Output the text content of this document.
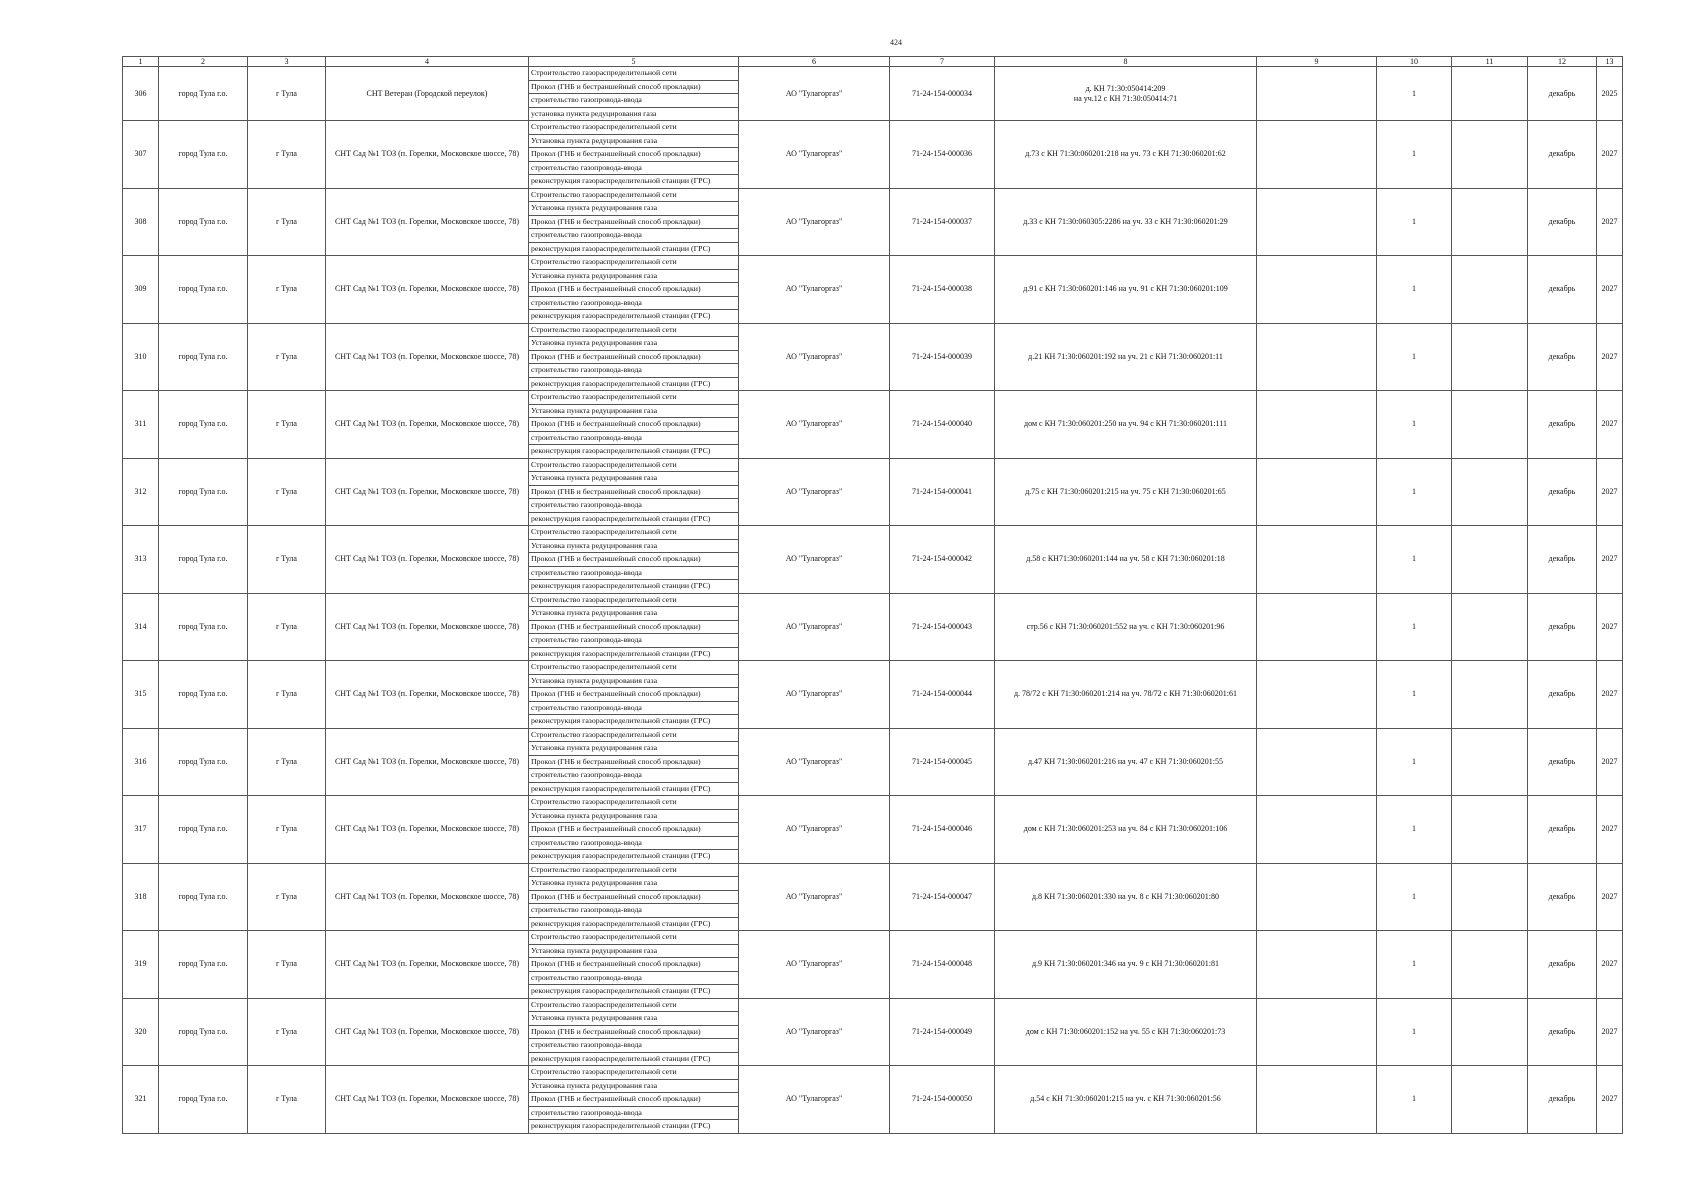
424
1	2	3	4	5	6	7	8	9	10	11	12	13
306	город Тула г.о.	г Тула	СНТ Ветеран (Городской переулок)	Строительство газораспределительной сети	АО "Тулагоргаз"	71-24-154-000034	д. КН 71:30:050414:209
на уч.12 с КН 71:30:050414:71		1		декабрь	2025
				Прокол (ГНБ и бестраншейный способ прокладки)								
				строительство газопровода-ввода								
				установка пункта редуцирования газа								
307	город Тула г.о.	г Тула	СНТ Сад №1 ТОЗ (п. Горелки, Московское шоссе, 78)	Строительство газораспределительной сети	АО "Тулагоргаз"	71-24-154-000036	д.73 с КН 71:30:060201:218 на уч. 73 с КН 71:30:060201:62		1		декабрь	2027
				Установка пункта редуцирования газа								
				Прокол (ГНБ и бестраншейный способ прокладки)								
				строительство газопровода-ввода								
				реконструкция газораспределительной станции (ГРС)								
308	город Тула г.о.	г Тула	СНТ Сад №1 ТОЗ (п. Горелки, Московское шоссе, 78)	Строительство газораспределительной сети	АО "Тулагоргаз"	71-24-154-000037	д.33 с КН 71:30:060305:2286 на уч. 33 с КН 71:30:060201:29		1		декабрь	2027
				Установка пункта редуцирования газа								
				Прокол (ГНБ и бестраншейный способ прокладки)								
				строительство газопровода-ввода								
				реконструкция газораспределительной станции (ГРС)								
309	город Тула г.о.	г Тула	СНТ Сад №1 ТОЗ (п. Горелки, Московское шоссе, 78)	Строительство газораспределительной сети	АО "Тулагоргаз"	71-24-154-000038	д.91 с КН 71:30:060201:146 на уч. 91 с КН 71:30:060201:109		1		декабрь	2027
				Установка пункта редуцирования газа								
				Прокол (ГНБ и бестраншейный способ прокладки)								
				строительство газопровода-ввода								
				реконструкция газораспределительной станции (ГРС)								
310	город Тула г.о.	г Тула	СНТ Сад №1 ТОЗ (п. Горелки, Московское шоссе, 78)	Строительство газораспределительной сети	АО "Тулагоргаз"	71-24-154-000039	д.21 КН 71:30:060201:192 на уч. 21 с КН 71:30:060201:11		1		декабрь	2027
				Установка пункта редуцирования газа								
				Прокол (ГНБ и бестраншейный способ прокладки)								
				строительство газопровода-ввода								
				реконструкция газораспределительной станции (ГРС)								
311	город Тула г.о.	г Тула	СНТ Сад №1 ТОЗ (п. Горелки, Московское шоссе, 78)	Строительство газораспределительной сети	АО "Тулагоргаз"	71-24-154-000040	дом с КН 71:30:060201:250 на уч. 94 с КН 71:30:060201:111		1		декабрь	2027
				Установка пункта редуцирования газа								
				Прокол (ГНБ и бестраншейный способ прокладки)								
				строительство газопровода-ввода								
				реконструкция газораспределительной станции (ГРС)								
312	город Тула г.о.	г Тула	СНТ Сад №1 ТОЗ (п. Горелки, Московское шоссе, 78)	Строительство газораспределительной сети	АО "Тулагоргаз"	71-24-154-000041	д.75 с КН 71:30:060201:215 на уч. 75 с КН 71:30:060201:65		1		декабрь	2027
				Установка пункта редуцирования газа								
				Прокол (ГНБ и бестраншейный способ прокладки)								
				строительство газопровода-ввода								
				реконструкция газораспределительной станции (ГРС)								
313	город Тула г.о.	г Тула	СНТ Сад №1 ТОЗ (п. Горелки, Московское шоссе, 78)	Строительство газораспределительной сети	АО "Тулагоргаз"	71-24-154-000042	д.58 с КН71:30:060201:144 на уч. 58 с КН 71:30:060201:18		1		декабрь	2027
				Установка пункта редуцирования газа								
				Прокол (ГНБ и бестраншейный способ прокладки)								
				строительство газопровода-ввода								
				реконструкция газораспределительной станции (ГРС)								
314	город Тула г.о.	г Тула	СНТ Сад №1 ТОЗ (п. Горелки, Московское шоссе, 78)	Строительство газораспределительной сети	АО "Тулагоргаз"	71-24-154-000043	стр.56 с КН 71:30:060201:552 на уч. с КН 71:30:060201:96		1		декабрь	2027
				Установка пункта редуцирования газа								
				Прокол (ГНБ и бестраншейный способ прокладки)								
				строительство газопровода-ввода								
				реконструкция газораспределительной станции (ГРС)								
315	город Тула г.о.	г Тула	СНТ Сад №1 ТОЗ (п. Горелки, Московское шоссе, 78)	Строительство газораспределительной сети	АО "Тулагоргаз"	71-24-154-000044	д. 78/72 с КН 71:30:060201:214 на уч. 78/72 с КН 71:30:060201:61		1		декабрь	2027
				Установка пункта редуцирования газа								
				Прокол (ГНБ и бестраншейный способ прокладки)								
				строительство газопровода-ввода								
				реконструкция газораспределительной станции (ГРС)								
316	город Тула г.о.	г Тула	СНТ Сад №1 ТОЗ (п. Горелки, Московское шоссе, 78)	Строительство газораспределительной сети	АО "Тулагоргаз"	71-24-154-000045	д.47 КН 71:30:060201:216 на уч. 47 с КН 71:30:060201:55		1		декабрь	2027
				Установка пункта редуцирования газа								
				Прокол (ГНБ и бестраншейный способ прокладки)								
				строительство газопровода-ввода								
				реконструкция газораспределительной станции (ГРС)								
317	город Тула г.о.	г Тула	СНТ Сад №1 ТОЗ (п. Горелки, Московское шоссе, 78)	Строительство газораспределительной сети	АО "Тулагоргаз"	71-24-154-000046	дом с КН 71:30:060201:253 на уч. 84 с КН 71:30:060201:106		1		декабрь	2027
				Установка пункта редуцирования газа								
				Прокол (ГНБ и бестраншейный способ прокладки)								
				строительство газопровода-ввода								
				реконструкция газораспределительной станции (ГРС)								
318	город Тула г.о.	г Тула	СНТ Сад №1 ТОЗ (п. Горелки, Московское шоссе, 78)	Строительство газораспределительной сети	АО "Тулагоргаз"	71-24-154-000047	д.8 КН 71:30:060201:330 на уч. 8 с КН 71:30:060201:80		1		декабрь	2027
				Установка пункта редуцирования газа								
				Прокол (ГНБ и бестраншейный способ прокладки)								
				строительство газопровода-ввода								
				реконструкция газораспределительной станции (ГРС)								
319	город Тула г.о.	г Тула	СНТ Сад №1 ТОЗ (п. Горелки, Московское шоссе, 78)	Строительство газораспределительной сети	АО "Тулагоргаз"	71-24-154-000048	д.9 КН 71:30:060201:346 на уч. 9 с КН 71:30:060201:81		1		декабрь	2027
				Установка пункта редуцирования газа								
				Прокол (ГНБ и бестраншейный способ прокладки)								
				строительство газопровода-ввода								
				реконструкция газораспределительной станции (ГРС)								
320	город Тула г.о.	г Тула	СНТ Сад №1 ТОЗ (п. Горелки, Московское шоссе, 78)	Строительство газораспределительной сети	АО "Тулагоргаз"	71-24-154-000049	дом с КН 71:30:060201:152 на уч. 55 с КН 71:30:060201:73		1		декабрь	2027
				Установка пункта редуцирования газа								
				Прокол (ГНБ и бестраншейный способ прокладки)								
				строительство газопровода-ввода								
				реконструкция газораспределительной станции (ГРС)								
321	город Тула г.о.	г Тула	СНТ Сад №1 ТОЗ (п. Горелки, Московское шоссе, 78)	Строительство газораспределительной сети	АО "Тулагоргаз"	71-24-154-000050	д.54 с КН 71:30:060201:215 на уч. с КН 71:30:060201:56		1		декабрь	2027
				Установка пункта редуцирования газа								
				Прокол (ГНБ и бестраншейный способ прокладки)								
				строительство газопровода-ввода								
				реконструкция газораспределительной станции (ГРС)								
